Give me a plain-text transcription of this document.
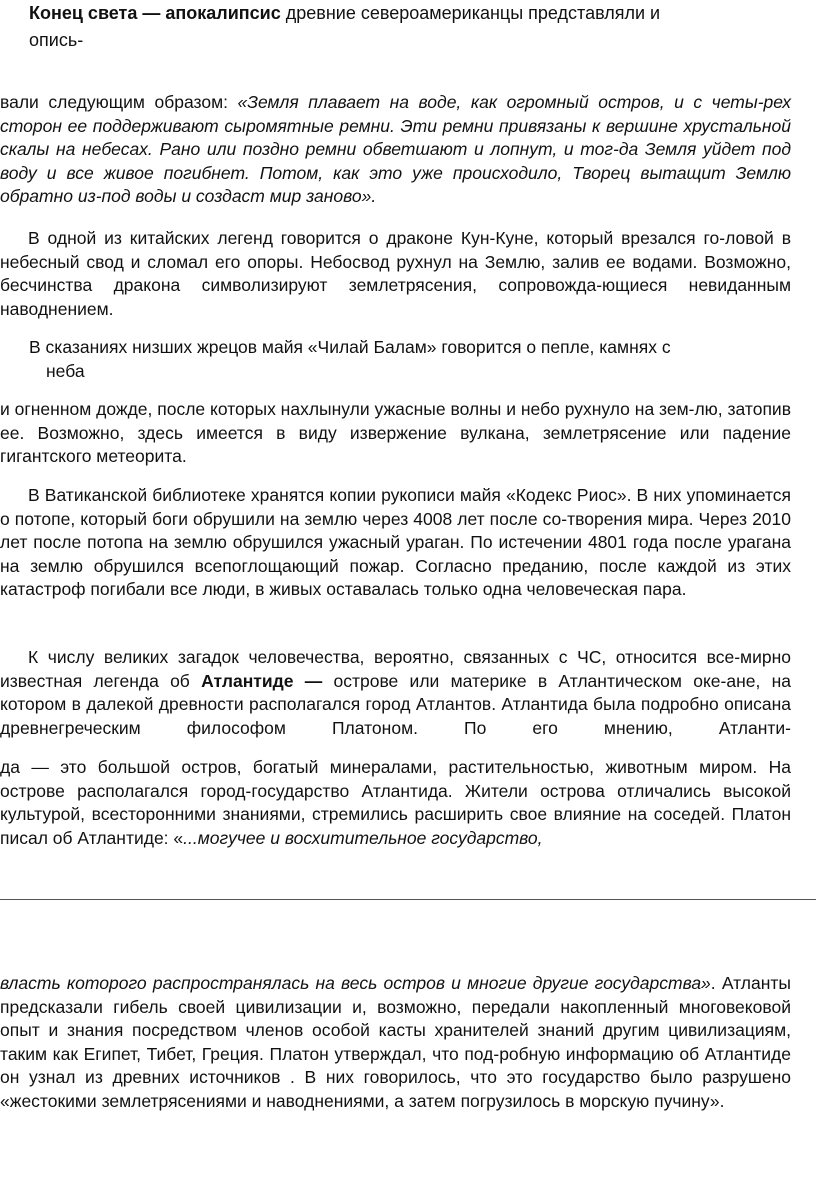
Конец света — апокалипсис древние североамериканцы представляли и
опись-

вали следующим образом: «Земля плавает на воде, как огромный остров, и с четы-рех сторон ее поддерживают сыромятные ремни. Эти ремни привязаны к вершине хрустальной скалы на небесах. Рано или поздно ремни обветшают и лопнут, и тог-да Земля уйдет под воду и все живое погибнет. Потом, как это уже происходило, Творец вытащит Землю обратно из-под воды и создаст мир заново».

В одной из китайских легенд говорится о драконе Кун-Куне, который врезался го-ловой в небесный свод и сломал его опоры. Небосвод рухнул на Землю, залив ее водами. Возможно, бесчинства дракона символизируют землетрясения, сопровожда-ющиеся невиданным наводнением.

В сказаниях низших жрецов майя «Чилай Балам» говорится о пепле, камнях с
неба

и огненном дожде, после которых нахлынули ужасные волны и небо рухнуло на зем-лю, затопив ее. Возможно, здесь имеется в виду извержение вулкана, землетрясение или падение гигантского метеорита.

В Ватиканской библиотеке хранятся копии рукописи майя «Кодекс Риос». В них упоминается о потопе, который боги обрушили на землю через 4008 лет после со-творения мира. Через 2010 лет после потопа на землю обрушился ужасный ураган. По истечении 4801 года после урагана на землю обрушился всепоглощающий пожар. Согласно преданию, после каждой из этих катастроф погибали все люди, в живых оставалась только одна человеческая пара.

К числу великих загадок человечества, вероятно, связанных с ЧС, относится все-мирно известная легенда об Атлантиде — острове или материке в Атлантическом оке-ане, на котором в далекой древности располагался город Атлантов. Атлантида была подробно описана древнегреческим философом Платоном. По его мнению, Атланти-

да — это большой остров, богатый минералами, растительностью, животным миром. На острове располагался город-государство Атлантида. Жители острова отличались высокой культурой, всесторонними знаниями, стремились расширить свое влияние на соседей. Платон писал об Атлантиде: «...могучее и восхитительное государство,

власть которого распространялась на весь остров и многие другие государства». Атланты предсказали гибель своей цивилизации и, возможно, передали накопленный многовековой опыт и знания посредством членов особой касты хранителей знаний другим цивилизациям, таким как Египет, Тибет, Греция. Платон утверждал, что под-робную информацию об Атлантиде он узнал из древних источников . В них говорилось, что это государство было разрушено «жестокими землетрясениями и наводнениями, а затем погрузилось в морскую пучину».
